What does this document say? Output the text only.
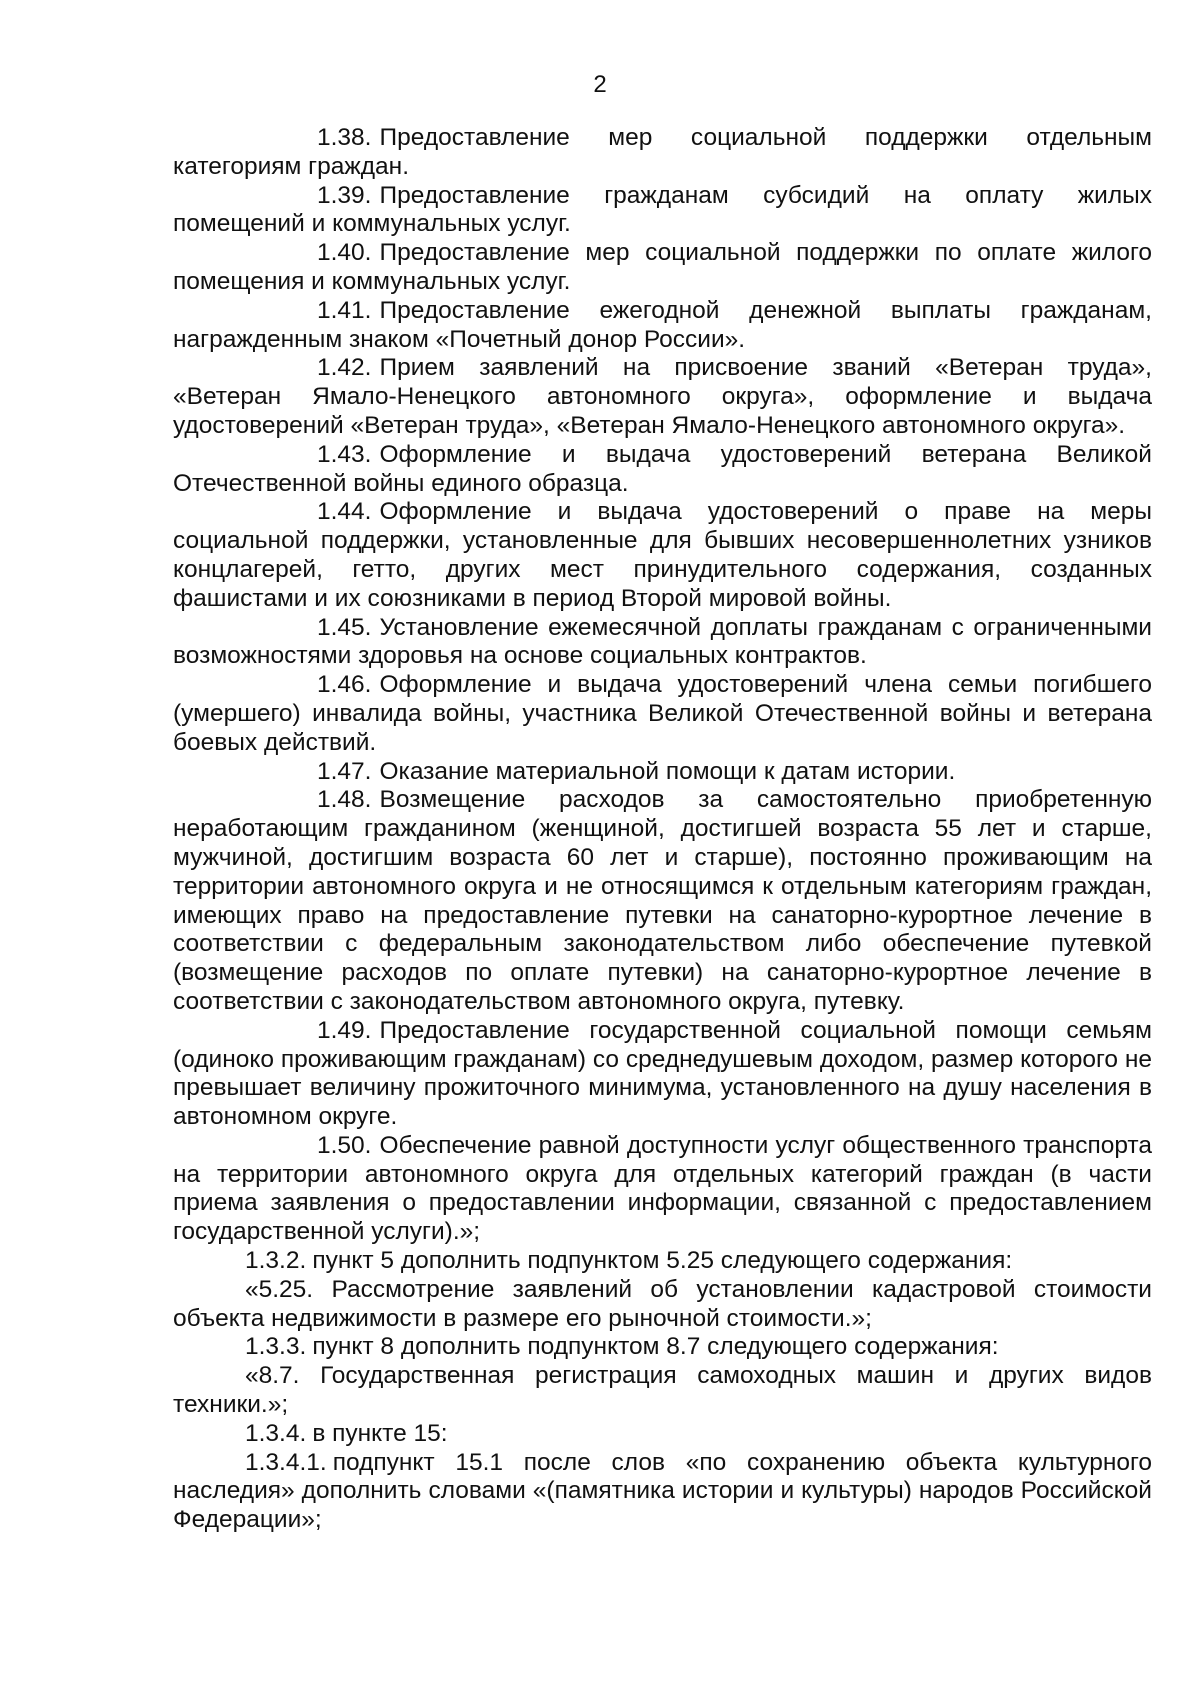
2

1.38. Предоставление мер социальной поддержки отдельным категориям граждан.

1.39. Предоставление гражданам субсидий на оплату жилых помещений и коммунальных услуг.

1.40. Предоставление мер социальной поддержки по оплате жилого помещения и коммунальных услуг.

1.41. Предоставление ежегодной денежной выплаты гражданам, награжденным знаком «Почетный донор России».

1.42. Прием заявлений на присвоение званий «Ветеран труда», «Ветеран Ямало-Ненецкого автономного округа», оформление и выдача удостоверений «Ветеран труда», «Ветеран Ямало-Ненецкого автономного округа».

1.43. Оформление и выдача удостоверений ветерана Великой Отечественной войны единого образца.

1.44. Оформление и выдача удостоверений о праве на меры социальной поддержки, установленные для бывших несовершеннолетних узников концлагерей, гетто, других мест принудительного содержания, созданных фашистами и их союзниками в период Второй мировой войны.

1.45. Установление ежемесячной доплаты гражданам с ограниченными возможностями здоровья на основе социальных контрактов.

1.46. Оформление и выдача удостоверений члена семьи погибшего (умершего) инвалида войны, участника Великой Отечественной войны и ветерана боевых действий.

1.47. Оказание материальной помощи к датам истории.

1.48. Возмещение расходов за самостоятельно приобретенную неработающим гражданином (женщиной, достигшей возраста 55 лет и старше, мужчиной, достигшим возраста 60 лет и старше), постоянно проживающим на территории автономного округа и не относящимся к отдельным категориям граждан, имеющих право на предоставление путевки на санаторно-курортное лечение в соответствии с федеральным законодательством либо обеспечение путевкой (возмещение расходов по оплате путевки) на санаторно-курортное лечение в соответствии с законодательством автономного округа, путевку.

1.49. Предоставление государственной социальной помощи семьям (одиноко проживающим гражданам) со среднедушевым доходом, размер которого не превышает величину прожиточного минимума, установленного на душу населения в автономном округе.

1.50. Обеспечение равной доступности услуг общественного транспорта на территории автономного округа для отдельных категорий граждан (в части приема заявления о предоставлении информации, связанной с предоставлением государственной услуги).»;

1.3.2. пункт 5 дополнить подпунктом 5.25 следующего содержания:

«5.25. Рассмотрение заявлений об установлении кадастровой стоимости объекта недвижимости в размере его рыночной стоимости.»;

1.3.3. пункт 8 дополнить подпунктом 8.7 следующего содержания:

«8.7. Государственная регистрация самоходных машин и других видов техники.»;

1.3.4. в пункте 15:

1.3.4.1. подпункт 15.1 после слов «по сохранению объекта культурного наследия» дополнить словами «(памятника истории и культуры) народов Российской Федерации»;
